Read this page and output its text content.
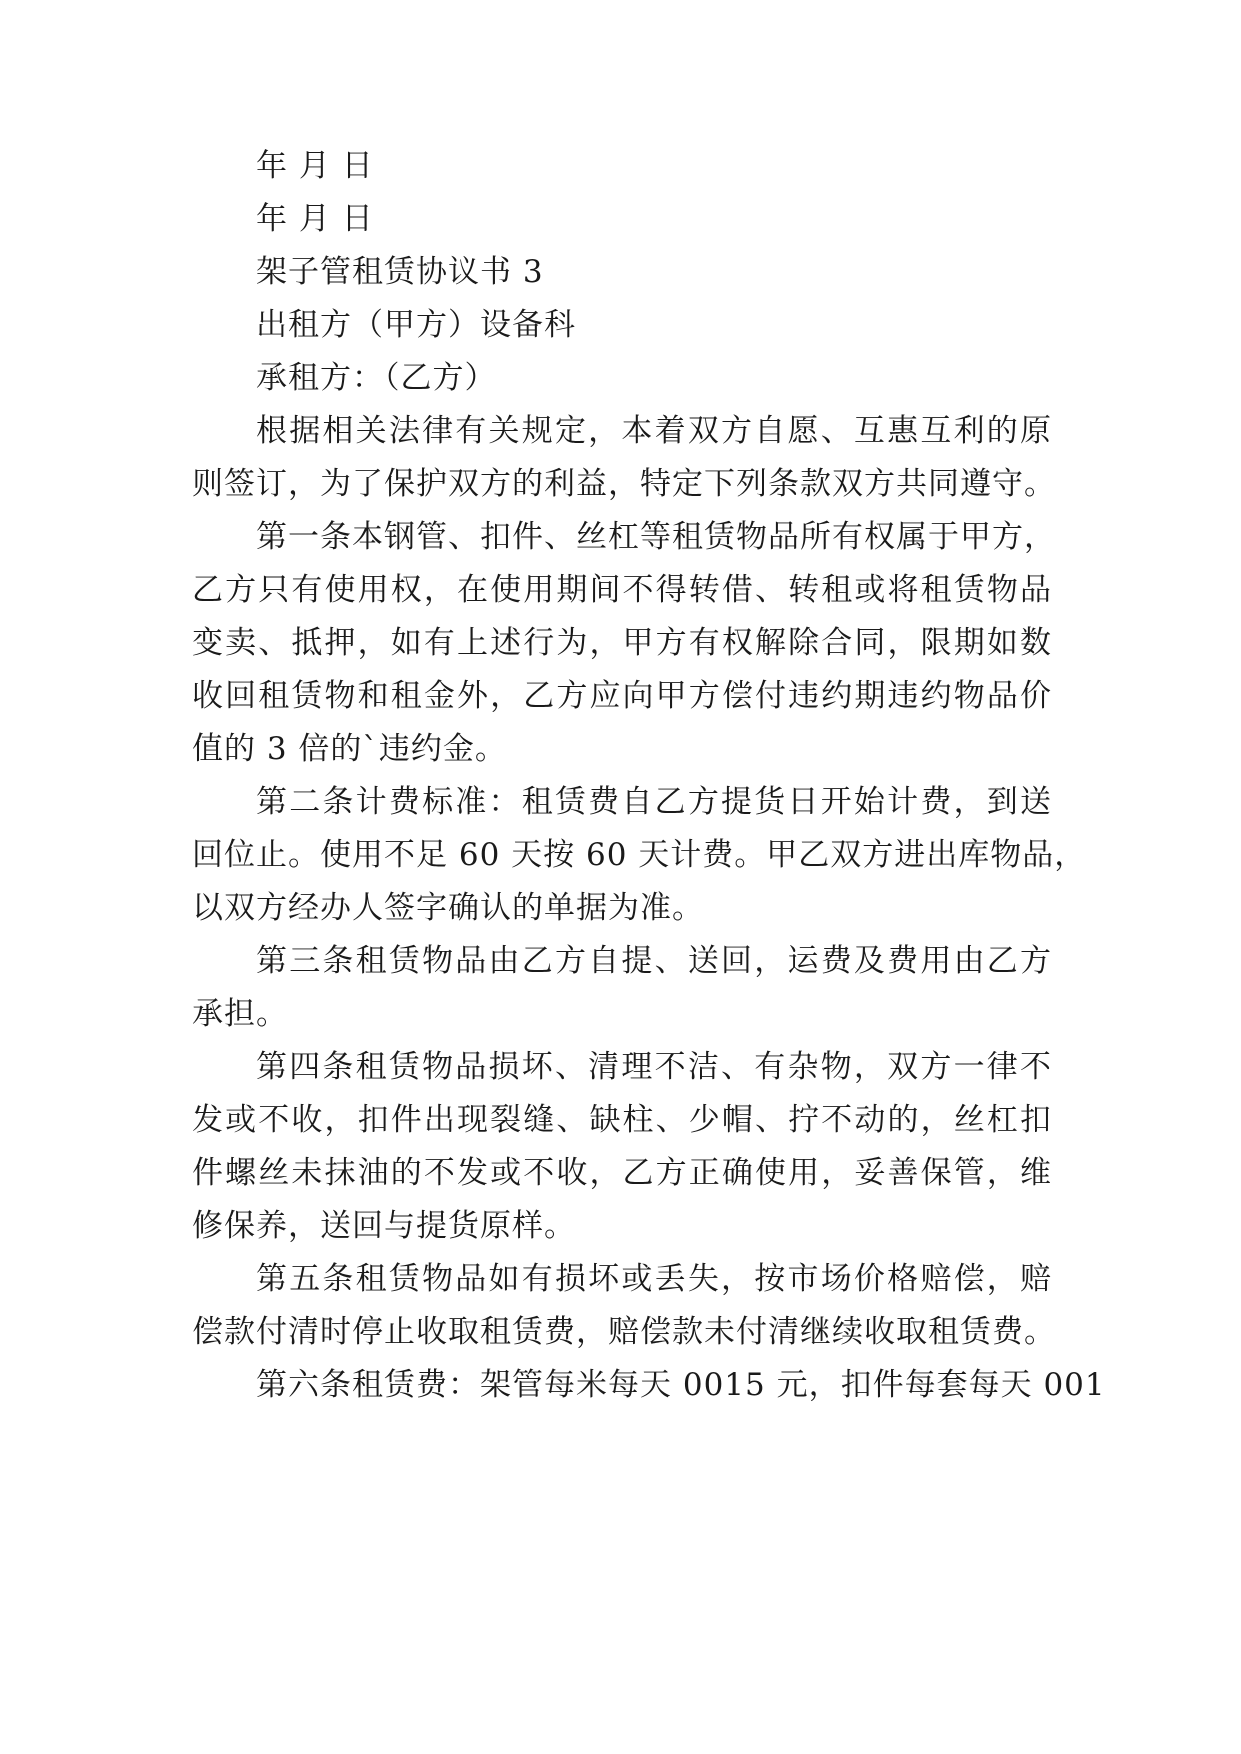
年 月 日
年 月 日
架子管租赁协议书 3
出租方（甲方）设备科
承租方：（乙方）
根据相关法律有关规定，本着双方自愿、互惠互利的原
则签订，为了保护双方的利益，特定下列条款双方共同遵守。
第一条本钢管、扣件、丝杠等租赁物品所有权属于甲方，
乙方只有使用权，在使用期间不得转借、转租或将租赁物品
变卖、抵押，如有上述行为，甲方有权解除合同，限期如数
收回租赁物和租金外，乙方应向甲方偿付违约期违约物品价
值的 3 倍的`违约金。
第二条计费标准：租赁费自乙方提货日开始计费，到送
回位止。使用不足 60 天按 60 天计费。甲乙双方进出库物品，
以双方经办人签字确认的单据为准。
第三条租赁物品由乙方自提、送回，运费及费用由乙方
承担。
第四条租赁物品损坏、清理不洁、有杂物，双方一律不
发或不收，扣件出现裂缝、缺柱、少帽、拧不动的，丝杠扣
件螺丝未抹油的不发或不收，乙方正确使用，妥善保管，维
修保养，送回与提货原样。
第五条租赁物品如有损坏或丢失，按市场价格赔偿，赔
偿款付清时停止收取租赁费，赔偿款未付清继续收取租赁费。
第六条租赁费：架管每米每天 0015 元，扣件每套每天 001
